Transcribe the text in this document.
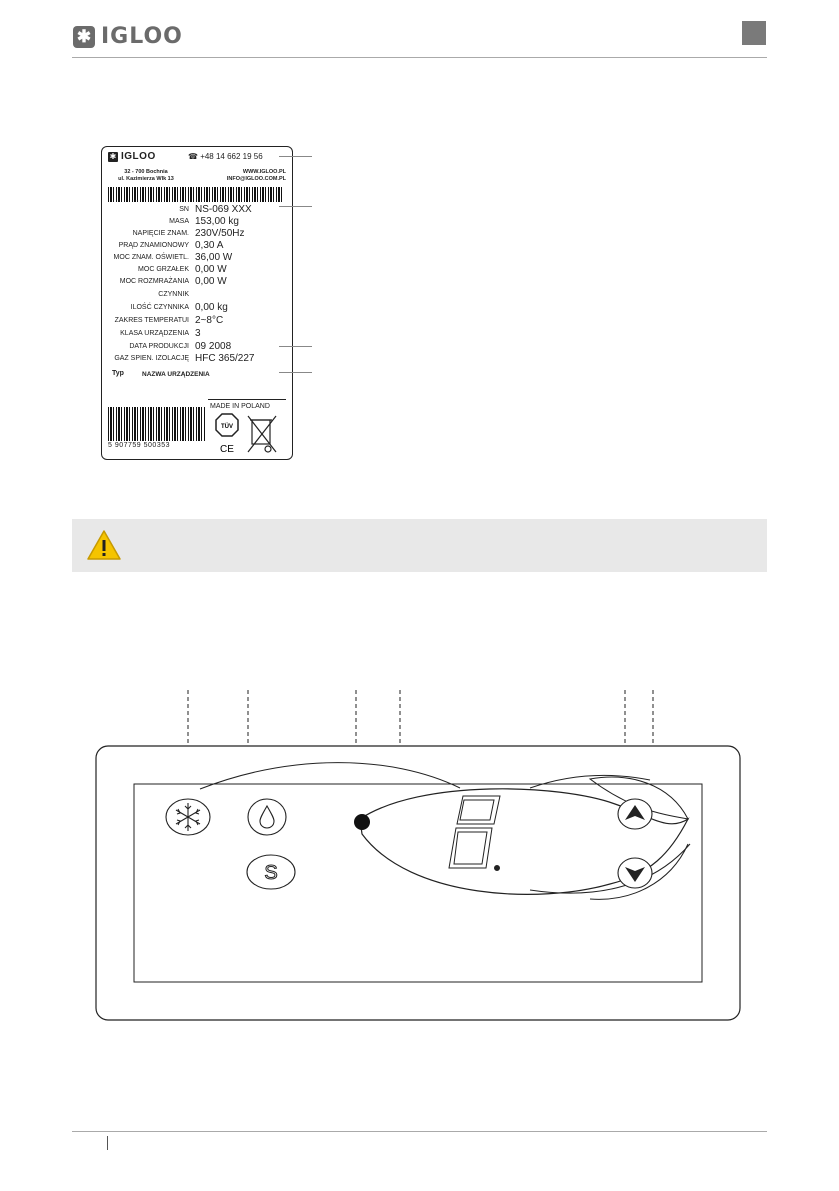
✱ IGLOO
✱ IGLOO	☎ +48 14 662 19 56
32 - 700 Bochnia
ul. Kazimierza Wlk 13
WWW.IGLOO.PL
INFO@IGLOO.COM.PL
SN NS-069 XXX
MASA 153,00 kg
NAPIĘCIE ZNAM. 230V/50Hz
PRĄD ZNAMIONOWY 0,30 A
MOC ZNAM. OŚWIETL. 36,00 W
MOC GRZAŁEK 0,00 W
MOC ROZMRAŻANIA 0,00 W
CZYNNIK
ILOŚĆ CZYNNIKA 0,00 kg
ZAKRES TEMPERATUI 2~8°C
KLASA URZĄDZENIA 3
DATA PRODUKCJI 09 2008
GAZ SPIEN. IZOLACJĘ HFC 365/227
Typ	NAZWA URZĄDZENIA
MADE IN POLAND
5 907759 500353
TÜV
CE
S
0.
